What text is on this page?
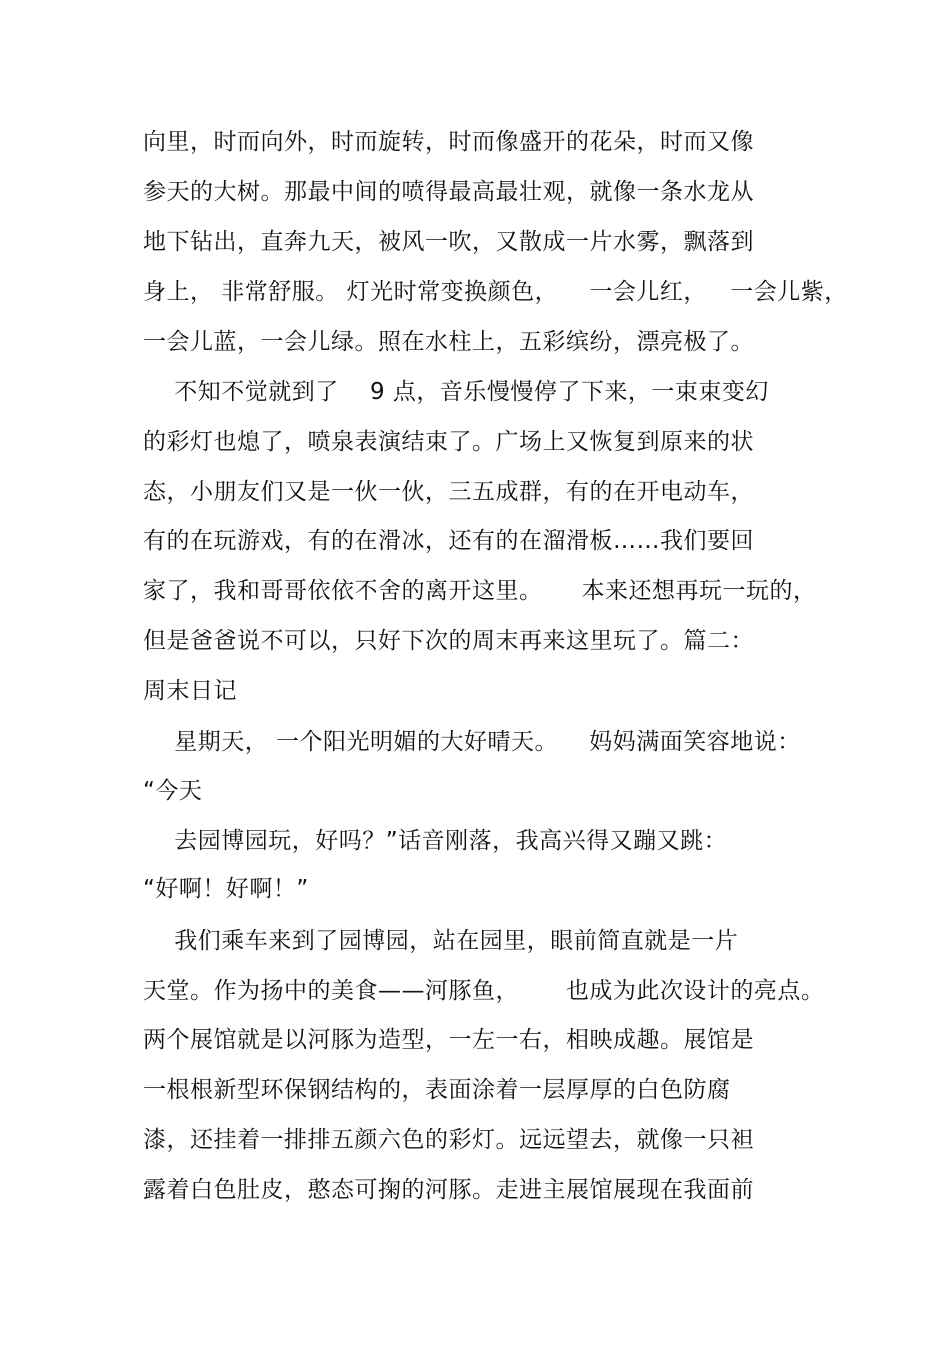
向里，时而向外，时而旋转，时而像盛开的花朵，时而又像

参天的大树。那最中间的喷得最高最壮观，就像一条水龙从

地下钻出，直奔九天，被风一吹，又散成一片水雾，飘落到

身上， 非常舒服。 灯光时常变换颜色，    一会儿红，   一会儿紫，

一会儿蓝，一会儿绿。照在水柱上，五彩缤纷，漂亮极了。

不知不觉就到了    9 点，音乐慢慢停了下来，一束束变幻

的彩灯也熄了，喷泉表演结束了。广场上又恢复到原来的状

态，小朋友们又是一伙一伙，三五成群，有的在开电动车，

有的在玩游戏，有的在滑冰，还有的在溜滑板……我们要回

家了，我和哥哥依依不舍的离开这里。     本来还想再玩一玩的，

但是爸爸说不可以，只好下次的周末再来这里玩了。篇二：

周末日记

星期天， 一个阳光明媚的大好晴天。    妈妈满面笑容地说：

“今天

去园博园玩，好吗？”话音刚落，我高兴得又蹦又跳：

“好啊！好啊！”

我们乘车来到了园博园，站在园里，眼前简直就是一片

天堂。作为扬中的美食——河豚鱼，      也成为此次设计的亮点。

两个展馆就是以河豚为造型，一左一右，相映成趣。展馆是

一根根新型环保钢结构的，表面涂着一层厚厚的白色防腐

漆，还挂着一排排五颜六色的彩灯。远远望去，就像一只袒

露着白色肚皮，憨态可掬的河豚。走进主展馆展现在我面前
